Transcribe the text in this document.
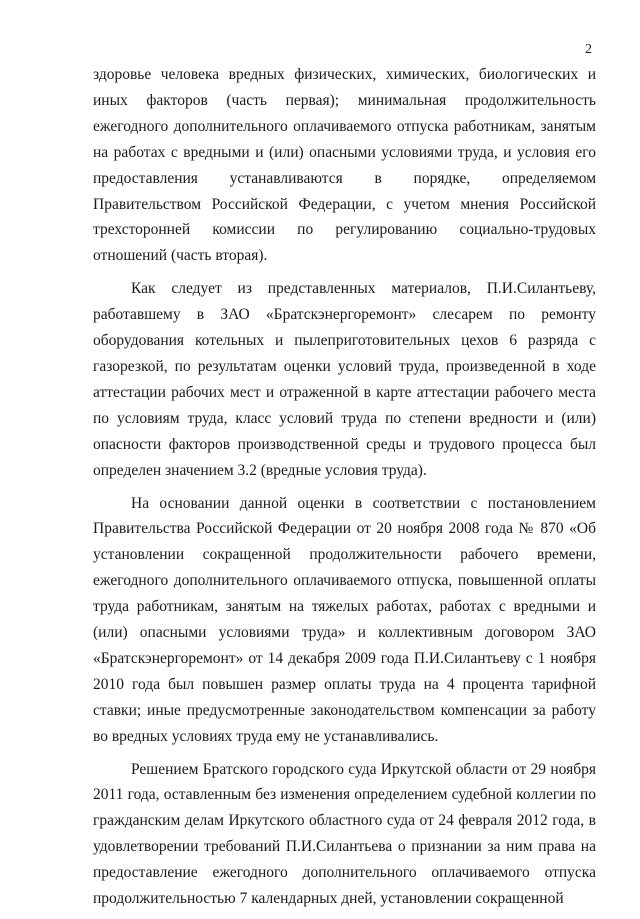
2

здоровье человека вредных физических, химических, биологических и иных факторов (часть первая); минимальная продолжительность ежегодного дополнительного оплачиваемого отпуска работникам, занятым на работах с вредными и (или) опасными условиями труда, и условия его предоставления устанавливаются в порядке, определяемом Правительством Российской Федерации, с учетом мнения Российской трехсторонней комиссии по регулированию социально-трудовых отношений (часть вторая).

Как следует из представленных материалов, П.И.Силантьеву, работавшему в ЗАО «Братскэнергоремонт» слесарем по ремонту оборудования котельных и пылеприготовительных цехов 6 разряда с газорезкой, по результатам оценки условий труда, произведенной в ходе аттестации рабочих мест и отраженной в карте аттестации рабочего места по условиям труда, класс условий труда по степени вредности и (или) опасности факторов производственной среды и трудового процесса был определен значением 3.2 (вредные условия труда).

На основании данной оценки в соответствии с постановлением Правительства Российской Федерации от 20 ноября 2008 года № 870 «Об установлении сокращенной продолжительности рабочего времени, ежегодного дополнительного оплачиваемого отпуска, повышенной оплаты труда работникам, занятым на тяжелых работах, работах с вредными и (или) опасными условиями труда» и коллективным договором ЗАО «Братскэнергоремонт» от 14 декабря 2009 года П.И.Силантьеву с 1 ноября 2010 года был повышен размер оплаты труда на 4 процента тарифной ставки; иные предусмотренные законодательством компенсации за работу во вредных условиях труда ему не устанавливались.

Решением Братского городского суда Иркутской области от 29 ноября 2011 года, оставленным без изменения определением судебной коллегии по гражданским делам Иркутского областного суда от 24 февраля 2012 года, в удовлетворении требований П.И.Силантьева о признании за ним права на предоставление ежегодного дополнительного оплачиваемого отпуска продолжительностью 7 календарных дней, установлении сокращенной
